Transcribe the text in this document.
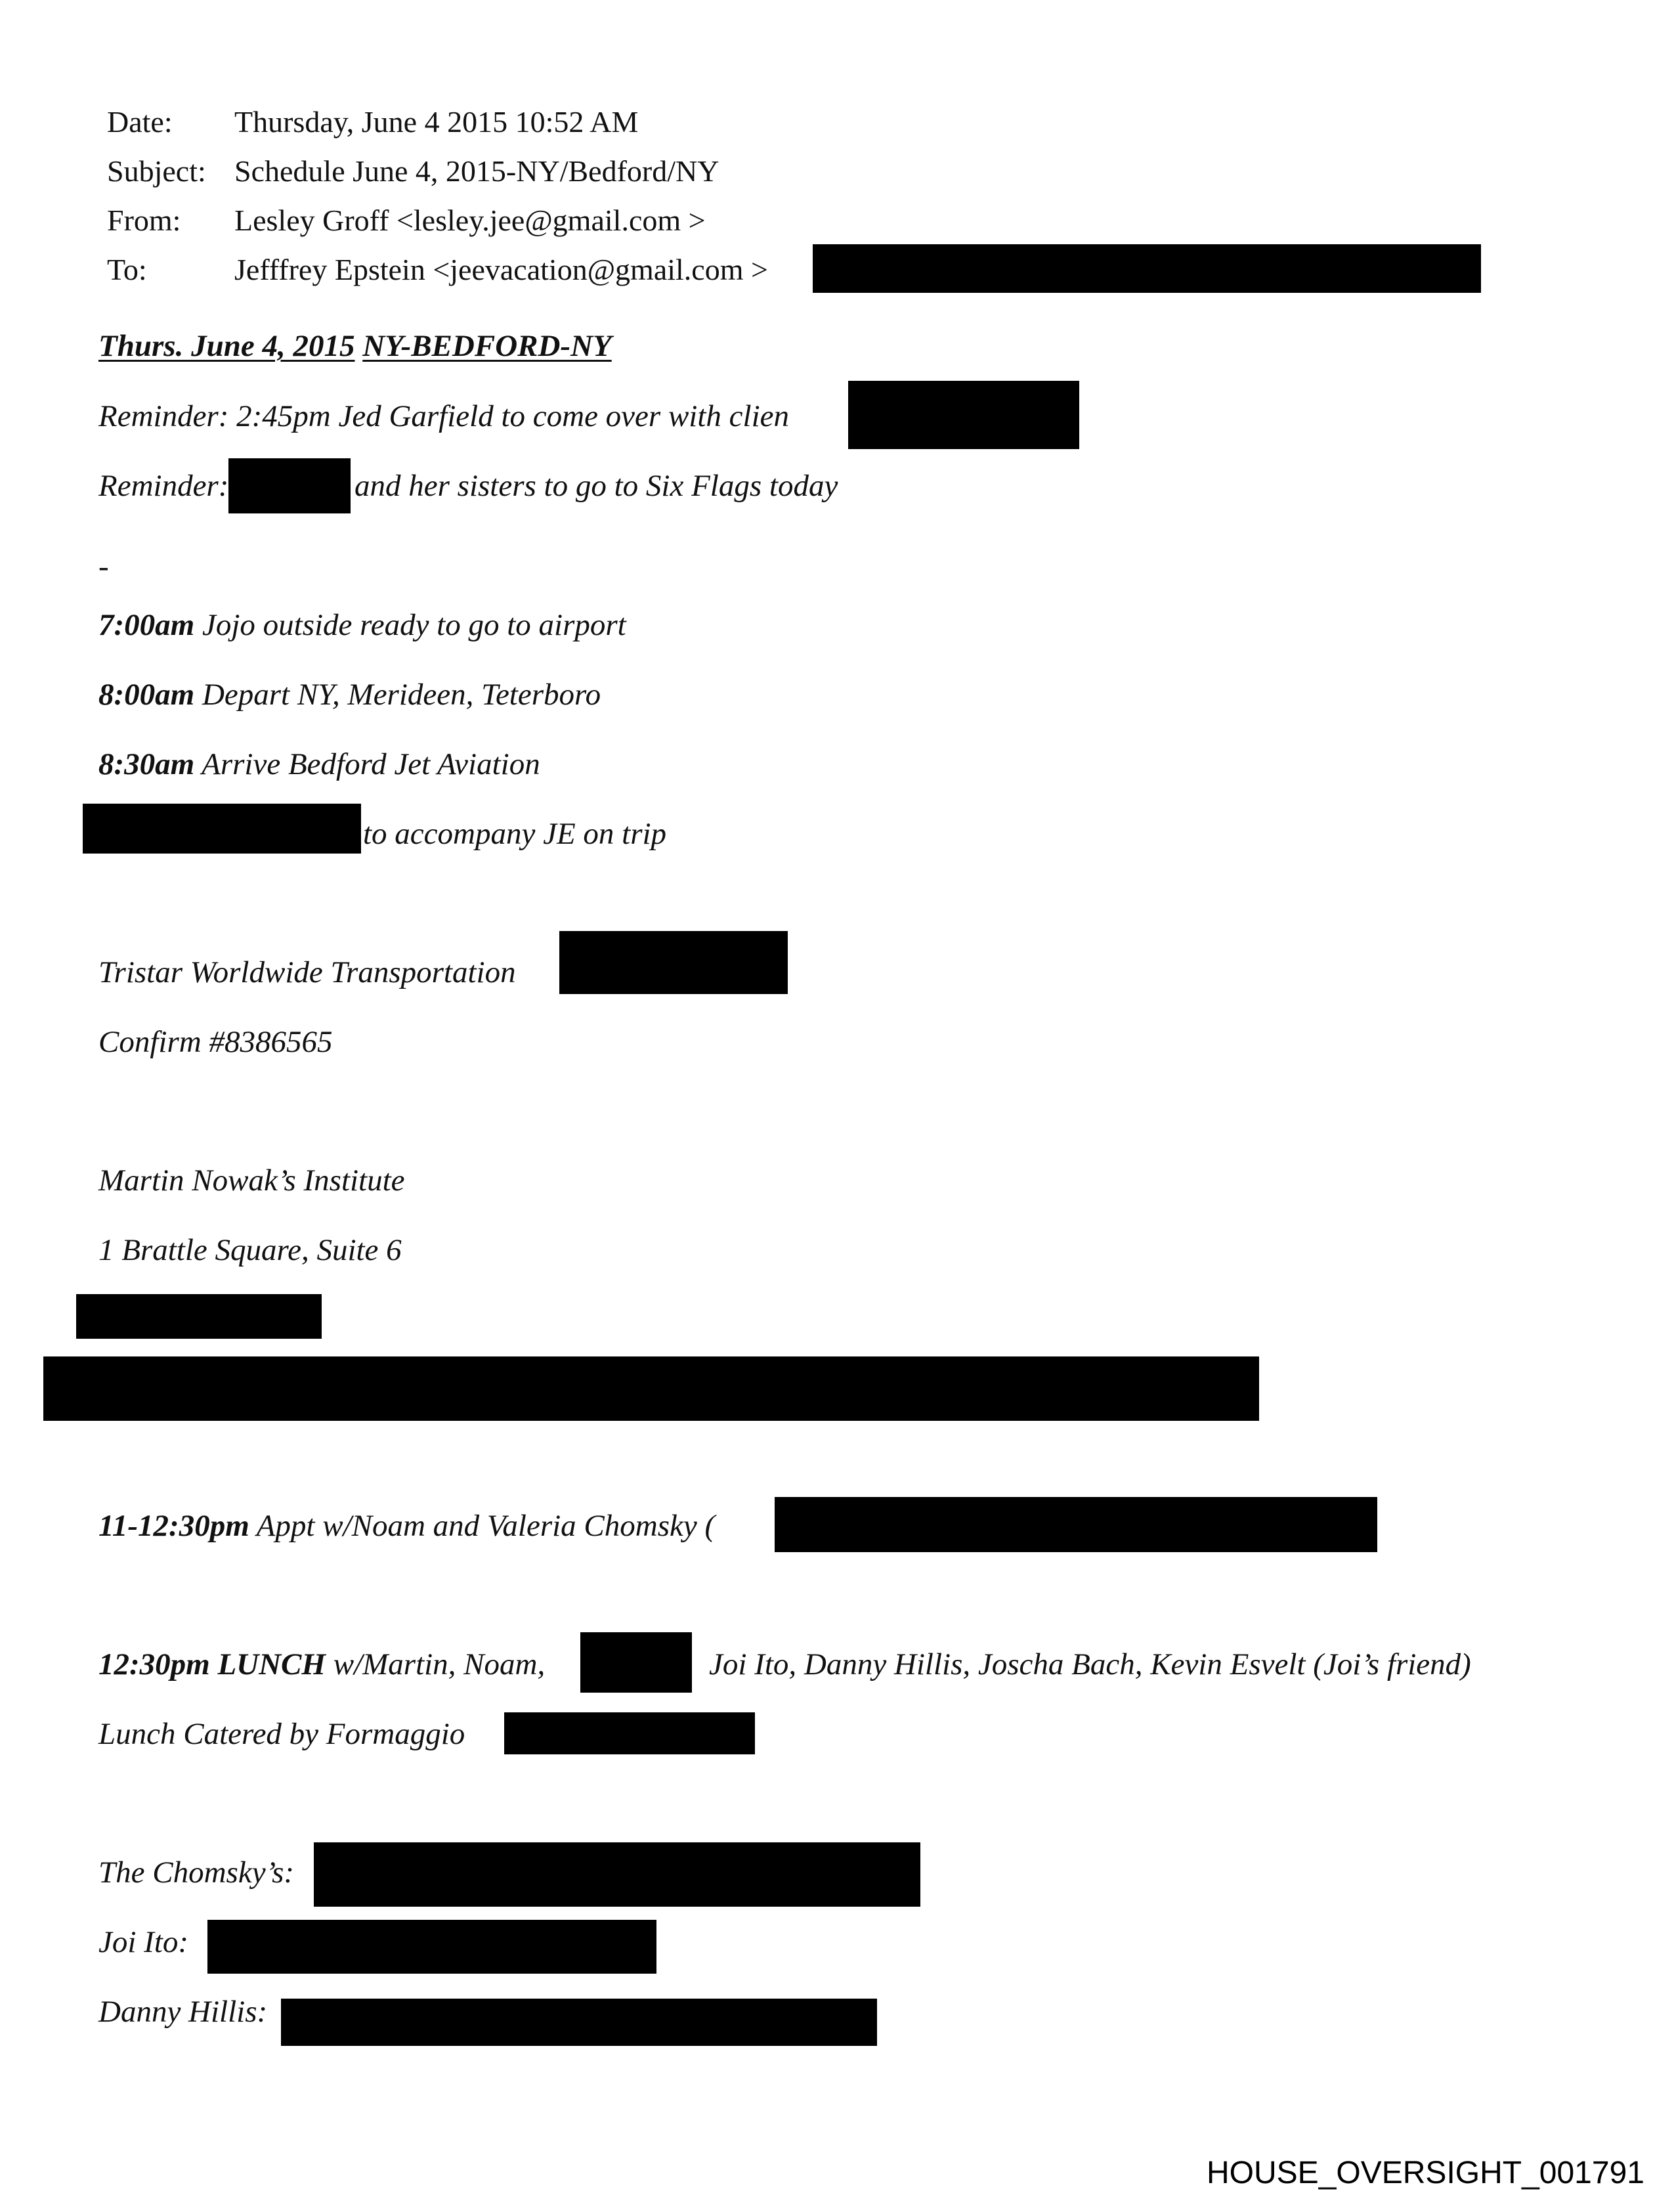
Date: Thursday, June 4 2015 10:52 AM
Subject: Schedule June 4, 2015-NY/Bedford/NY
From: Lesley Groff <lesley.jee@gmail.com >
To:	Jefffrey Epstein <jeevacation@gmail.com >
Thurs. June 4, 2015 NY-BEDFORD-NY
Reminder: 2:45pm Jed Garfield to come over with clien
Reminder:	and her sisters to go to Six Flags today
-
7:00am Jojo outside ready to go to airport
8:00am Depart NY, Merideen, Teterboro
8:30am Arrive Bedford Jet Aviation
to accompany JE on trip
Tristar Worldwide Transportation
Confirm #8386565
Martin Nowak’s Institute
1 Brattle Square, Suite 6
11-12:30pm Appt w/Noam and Valeria Chomsky (
12:30pm LUNCH w/Martin, Noam,	Joi Ito, Danny Hillis, Joscha Bach, Kevin Esvelt (Joi’s friend)
Lunch Catered by Formaggio
The Chomsky’s:
Joi Ito:
Danny Hillis:
HOUSE_OVERSIGHT_001791
